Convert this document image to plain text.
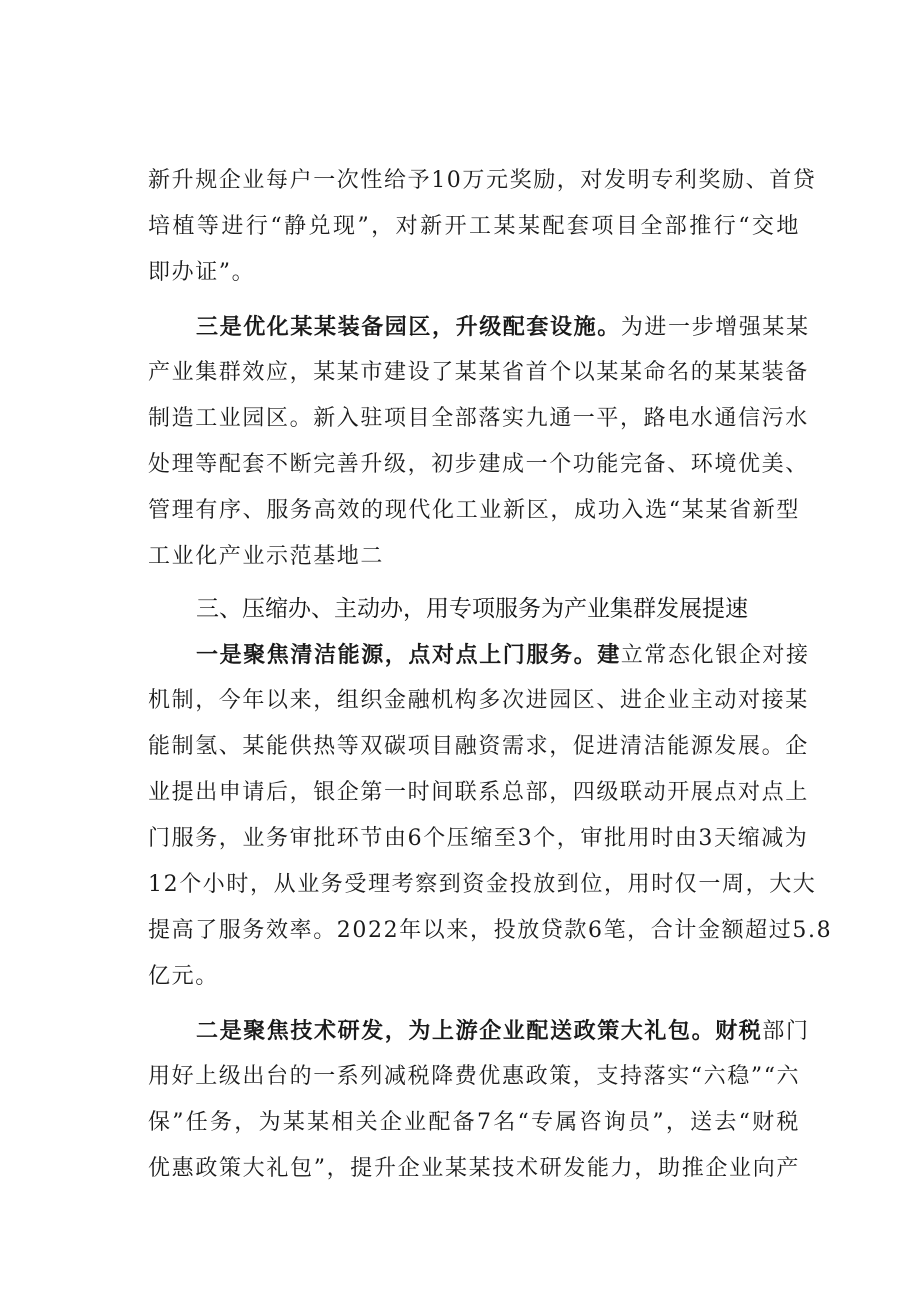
新升规企业每户一次性给予10万元奖励，对发明专利奖励、首贷
培植等进行“静兑现”，对新开工某某配套项目全部推行“交地
即办证”。
三是优化某某装备园区，升级配套设施。为进一步增强某某
产业集群效应，某某市建设了某某省首个以某某命名的某某装备
制造工业园区。新入驻项目全部落实九通一平，路电水通信污水
处理等配套不断完善升级，初步建成一个功能完备、环境优美、
管理有序、服务高效的现代化工业新区，成功入选“某某省新型
工业化产业示范基地二
三、压缩办、主动办，用专项服务为产业集群发展提速
一是聚焦清洁能源，点对点上门服务。建立常态化银企对接
机制，今年以来，组织金融机构多次进园区、进企业主动对接某
能制氢、某能供热等双碳项目融资需求，促进清洁能源发展。企
业提出申请后，银企第一时间联系总部，四级联动开展点对点上
门服务，业务审批环节由6个压缩至3个，审批用时由3天缩减为
12个小时，从业务受理考察到资金投放到位，用时仅一周，大大
提高了服务效率。2022年以来，投放贷款6笔，合计金额超过5.8
亿元。
二是聚焦技术研发，为上游企业配送政策大礼包。财税部门
用好上级出台的一系列减税降费优惠政策，支持落实“六稳”“六
保”任务，为某某相关企业配备7名“专属咨询员”，送去“财税
优惠政策大礼包”，提升企业某某技术研发能力，助推企业向产
